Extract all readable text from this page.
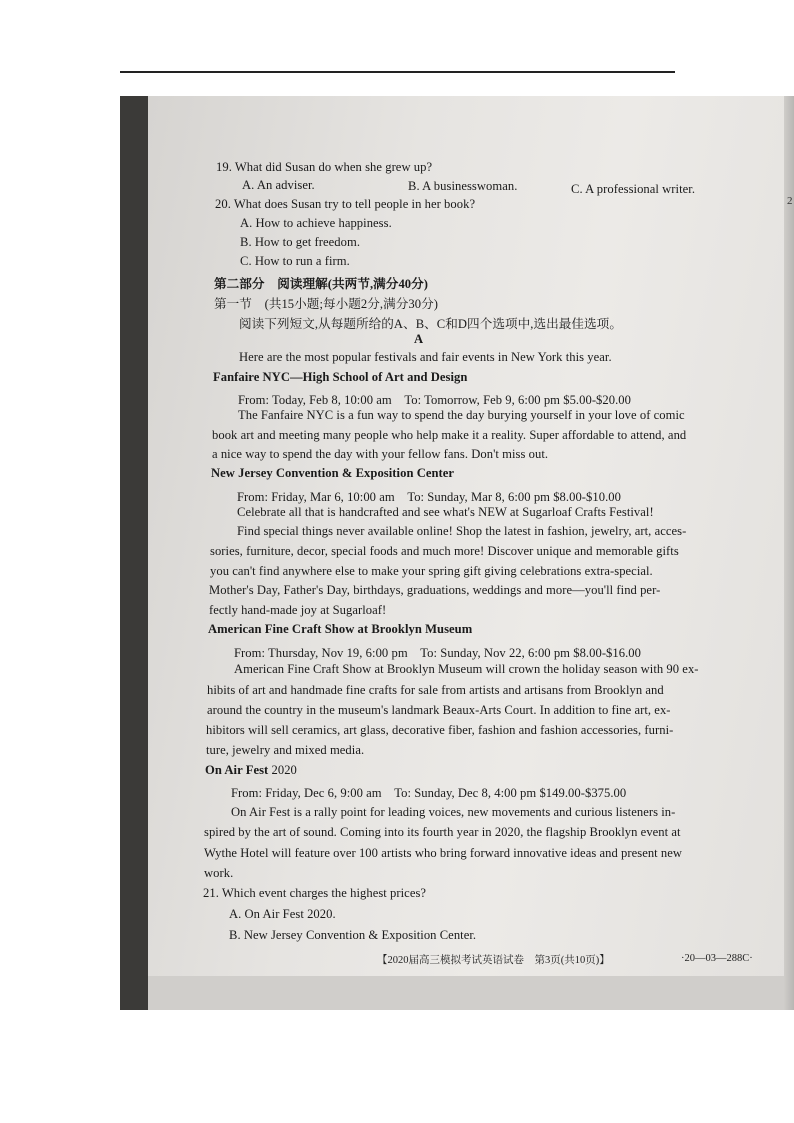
2
19. What did Susan do when she grew up?
A. An adviser.	B. A businesswoman.	C. A professional writer.
20. What does Susan try to tell people in her book?
A. How to achieve happiness.
B. How to get freedom.
C. How to run a firm.
第二部分　阅读理解(共两节,满分40分)
第一节　(共15小题;每小题2分,满分30分)
阅读下列短文,从每题所给的A、B、C和D四个选项中,选出最佳选项。
A
Here are the most popular festivals and fair events in New York this year.
Fanfaire NYC—High School of Art and Design
From: Today, Feb 8, 10:00 am　To: Tomorrow, Feb 9, 6:00 pm $5.00-$20.00
The Fanfaire NYC is a fun way to spend the day burying yourself in your love of comic
book art and meeting many people who help make it a reality. Super affordable to attend, and
a nice way to spend the day with your fellow fans. Don't miss out.
New Jersey Convention & Exposition Center
From: Friday, Mar 6, 10:00 am　To: Sunday, Mar 8, 6:00 pm $8.00-$10.00
Celebrate all that is handcrafted and see what's NEW at Sugarloaf Crafts Festival!
Find special things never available online! Shop the latest in fashion, jewelry, art, acces-
sories, furniture, decor, special foods and much more! Discover unique and memorable gifts
you can't find anywhere else to make your spring gift giving celebrations extra-special.
Mother's Day, Father's Day, birthdays, graduations, weddings and more—you'll find per-
fectly hand-made joy at Sugarloaf!
American Fine Craft Show at Brooklyn Museum
From: Thursday, Nov 19, 6:00 pm　To: Sunday, Nov 22, 6:00 pm $8.00-$16.00
American Fine Craft Show at Brooklyn Museum will crown the holiday season with 90 ex-
hibits of art and handmade fine crafts for sale from artists and artisans from Brooklyn and
around the country in the museum's landmark Beaux-Arts Court. In addition to fine art, ex-
hibitors will sell ceramics, art glass, decorative fiber, fashion and fashion accessories, furni-
ture, jewelry and mixed media.
On Air Fest 2020
From: Friday, Dec 6, 9:00 am　To: Sunday, Dec 8, 4:00 pm $149.00-$375.00
On Air Fest is a rally point for leading voices, new movements and curious listeners in-
spired by the art of sound. Coming into its fourth year in 2020, the flagship Brooklyn event at
Wythe Hotel will feature over 100 artists who bring forward innovative ideas and present new
work.
21. Which event charges the highest prices?
A. On Air Fest 2020.
B. New Jersey Convention & Exposition Center.
【2020届高三模拟考试英语试卷　第3页(共10页)】	·20—03—288C·
